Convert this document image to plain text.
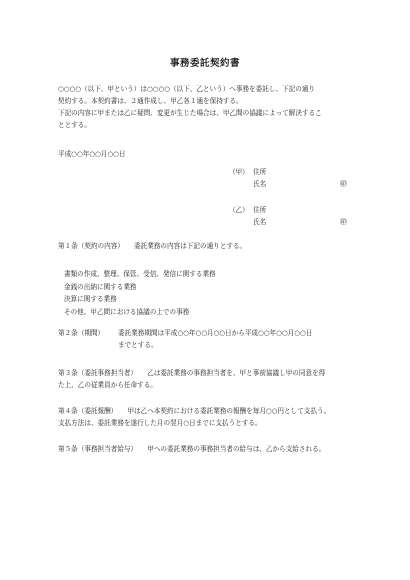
事務委託契約書

○○○○（以下、甲という）は○○○○（以下、乙という）へ事務を委託し、下記の通り

契約する。本契約書は、２通作成し、甲乙各１通を保持する。

下記の内容に甲または乙に疑問、変更が生じた場合は、甲乙間の協議によって解決するこ

ととする。

平成○○年○○月○○日
（甲） 住所
氏名	㊞
（乙） 住所
氏名	㊞
第１条（契約の内容） 委託業務の内容は下記の通りとする。
書類の作成、整理、保管、受信、発信に関する業務
金銭の出納に関する業務
決算に関する業務
その他、甲乙間における協議の上での事務
第２条（期間） 委託業務期間は平成○○年○○月○○日から平成○○年○○月○○日
までとする。
第３条（委託事務担当者） 乙は委託業務の事務担当者を、甲と事前協議し甲の同意を得
た上、乙の従業員から任命する。
第４条（委託報酬） 甲は乙へ本契約における委託業務の報酬を毎月○○円として支払う。
支払方法は、委託業務を遂行した月の翌月○日までに支払うとする。
第５条（事務担当者給与） 甲への委託業務の事務担当者の給与は、乙から支給される。
